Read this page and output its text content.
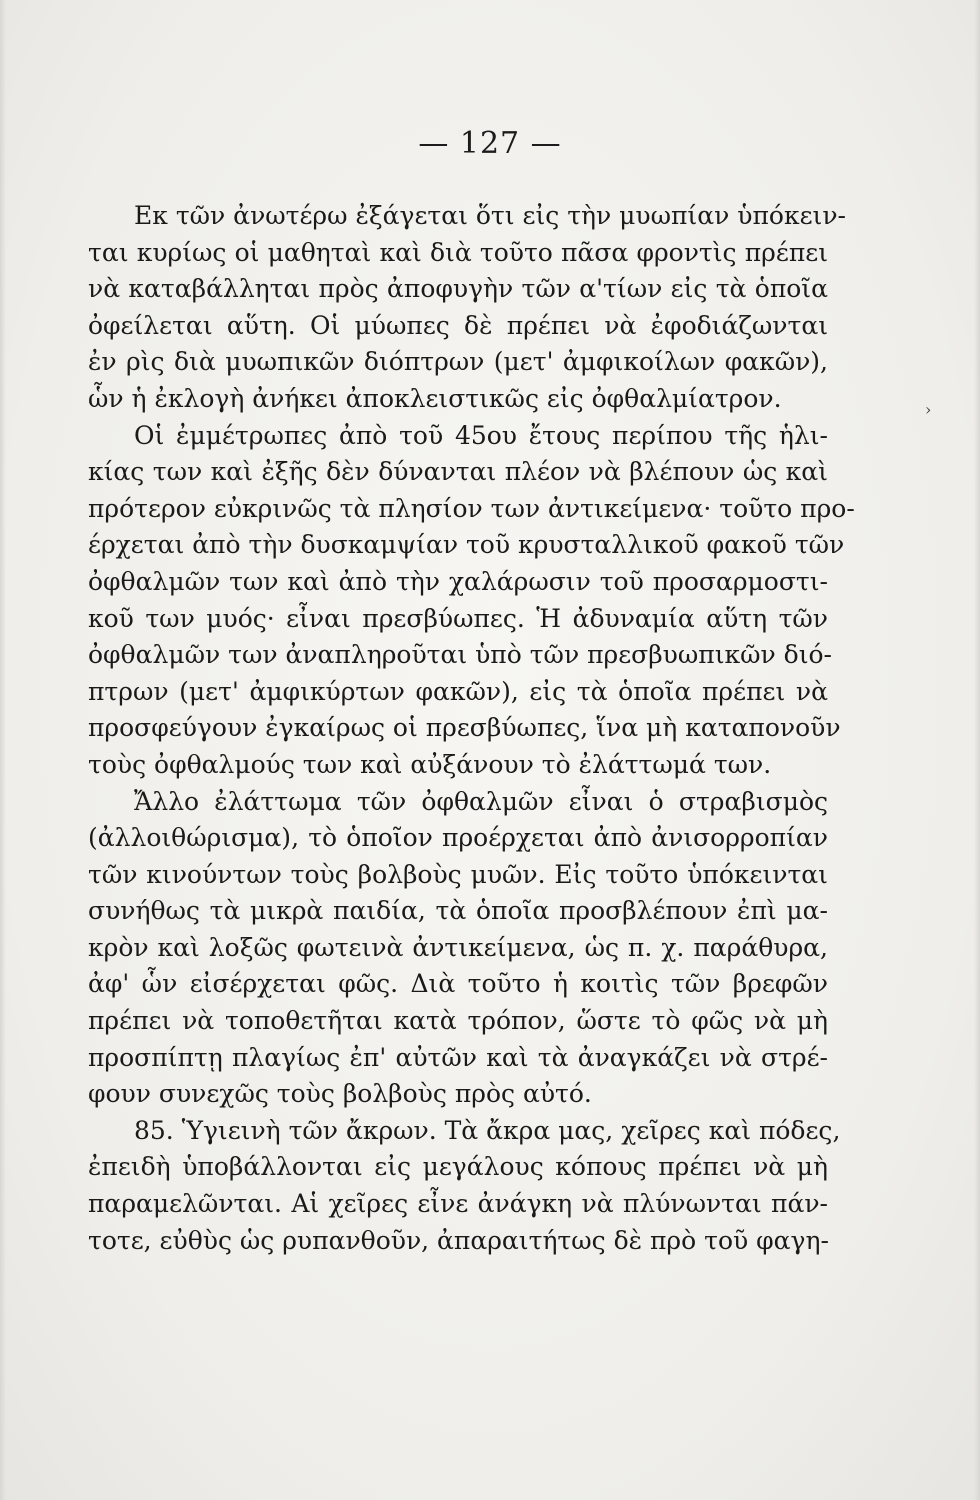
— 127 —
›
Εκ τῶν ἀνωτέρω ἐξάγεται ὅτι εἰς τὴν μυωπίαν ὑπόκειν-
ται κυρίως οἱ μαθηταὶ καὶ διὰ τοῦτο πᾶσα φροντὶς πρέπει
νὰ καταβάλληται πρὸς ἀποφυγὴν τῶν α'τίων εἰς τὰ ὁποῖα
ὀφείλεται αὕτη. Οἱ μύωπες δὲ πρέπει νὰ ἐφοδιάζωνται
ἐν ρὶς διὰ μυωπικῶν διόπτρων (μετ' ἀμφικοίλων φακῶν),
ὧν ἡ ἐκλογὴ ἀνήκει ἀποκλειστικῶς εἰς ὀφθαλμίατρον.
Οἱ ἐμμέτρωπες ἀπὸ τοῦ 45ου ἔτους περίπου τῆς ἡλι-
κίας των καὶ ἐξῆς δὲν δύνανται πλέον νὰ βλέπουν ὡς καὶ
πρότερον εὐκρινῶς τὰ πλησίον των ἀντικείμενα· τοῦτο προ-
έρχεται ἀπὸ τὴν δυσκαμψίαν τοῦ κρυσταλλικοῦ φακοῦ τῶν
ὀφθαλμῶν των καὶ ἀπὸ τὴν χαλάρωσιν τοῦ προσαρμοστι-
κοῦ των μυός· εἶναι πρεσβύωπες. Ἡ ἀδυναμία αὕτη τῶν
ὀφθαλμῶν των ἀναπληροῦται ὑπὸ τῶν πρεσβυωπικῶν διό-
πτρων (μετ' ἀμφικύρτων φακῶν), εἰς τὰ ὁποῖα πρέπει νὰ
προσφεύγουν ἐγκαίρως οἱ πρεσβύωπες, ἵνα μὴ καταπονοῦν
τοὺς ὀφθαλμούς των καὶ αὐξάνουν τὸ ἐλάττωμά των.
Ἄλλο ἐλάττωμα τῶν ὀφθαλμῶν εἶναι ὁ στραβισμὸς
(ἀλλοιθώρισμα), τὸ ὁποῖον προέρχεται ἀπὸ ἀνισορροπίαν
τῶν κινούντων τοὺς βολβοὺς μυῶν. Εἰς τοῦτο ὑπόκεινται
συνήθως τὰ μικρὰ παιδία, τὰ ὁποῖα προσβλέπουν ἐπὶ μα-
κρὸν καὶ λοξῶς φωτεινὰ ἀντικείμενα, ὡς π. χ. παράθυρα,
ἀφ' ὧν εἰσέρχεται φῶς. Διὰ τοῦτο ἡ κοιτὶς τῶν βρεφῶν
πρέπει νὰ τοποθετῆται κατὰ τρόπον, ὥστε τὸ φῶς νὰ μὴ
προσπίπτῃ πλαγίως ἐπ' αὐτῶν καὶ τὰ ἀναγκάζει νὰ στρέ-
φουν συνεχῶς τοὺς βολβοὺς πρὸς αὐτό.
85. Ὑγιεινὴ τῶν ἄκρων. Τὰ ἄκρα μας, χεῖρες καὶ πόδες,
ἐπειδὴ ὑποβάλλονται εἰς μεγάλους κόπους πρέπει νὰ μὴ
παραμελῶνται. Αἱ χεῖρες εἶνε ἀνάγκη νὰ πλύνωνται πάν-
τοτε, εὐθὺς ὡς ρυπανθοῦν, ἀπαραιτήτως δὲ πρὸ τοῦ φαγη-
